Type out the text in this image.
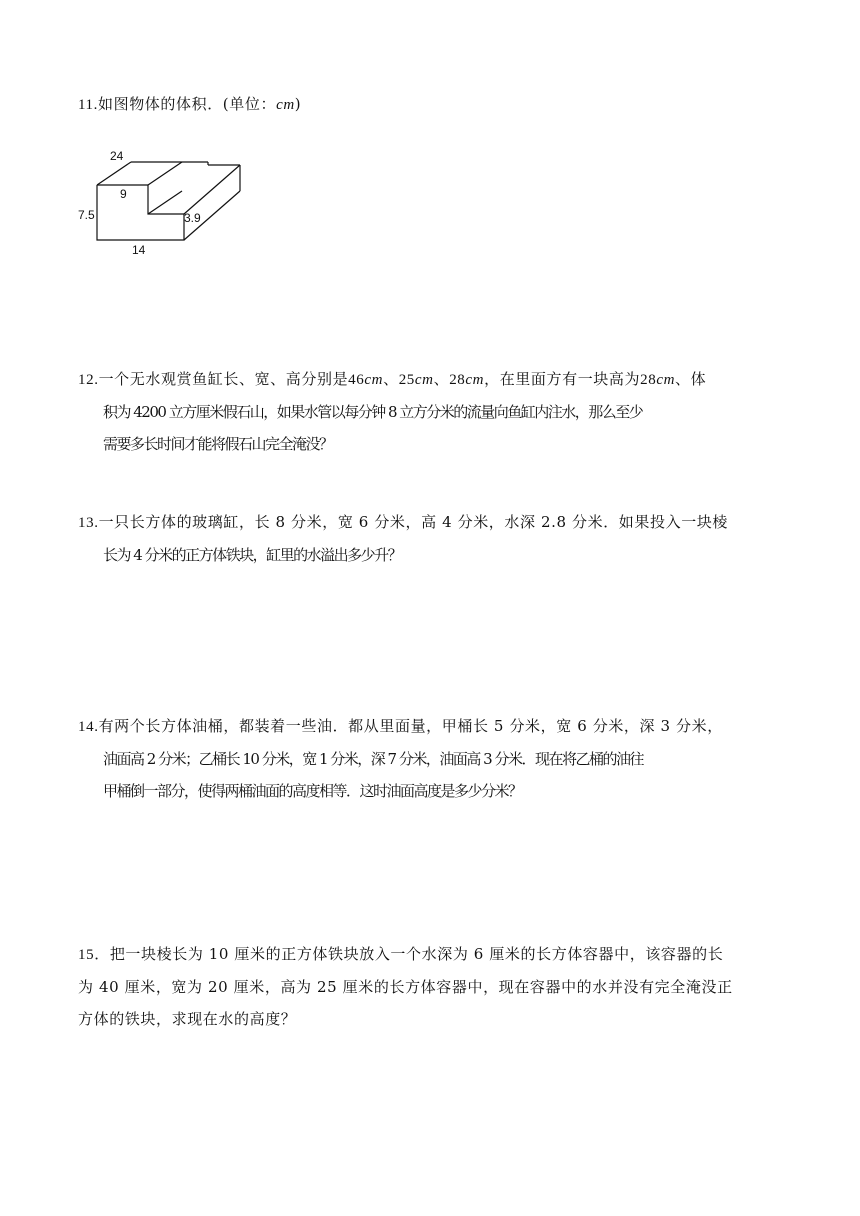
11.如图物体的体积．(单位：cm)
24
9
7.5	3.9
14
12.一个无水观赏鱼缸长、宽、高分别是46cm、25cm、28cm，在里面方有一块高为28cm、体
积为 4200 立方厘米假石山，如果水管以每分钟 8 立方分米的流量向鱼缸内注水，那么至少
需要多长时间才能将假石山完全淹没？
13.一只长方体的玻璃缸，长 8 分米，宽 6 分米，高 4 分米，水深 2.8 分米．如果投入一块棱
长为 4 分米的正方体铁块，缸里的水溢出多少升？
14.有两个长方体油桶，都装着一些油．都从里面量，甲桶长 5 分米，宽 6 分米，深 3 分米，
油面高 2 分米；乙桶长 10 分米，宽 1 分米，深 7 分米，油面高 3 分米．现在将乙桶的油往
甲桶倒一部分，使得两桶油面的高度相等．这时油面高度是多少分米？
15．把一块棱长为 10 厘米的正方体铁块放入一个水深为 6 厘米的长方体容器中，该容器的长
为 40 厘米，宽为 20 厘米，高为 25 厘米的长方体容器中，现在容器中的水并没有完全淹没正
方体的铁块，求现在水的高度？
